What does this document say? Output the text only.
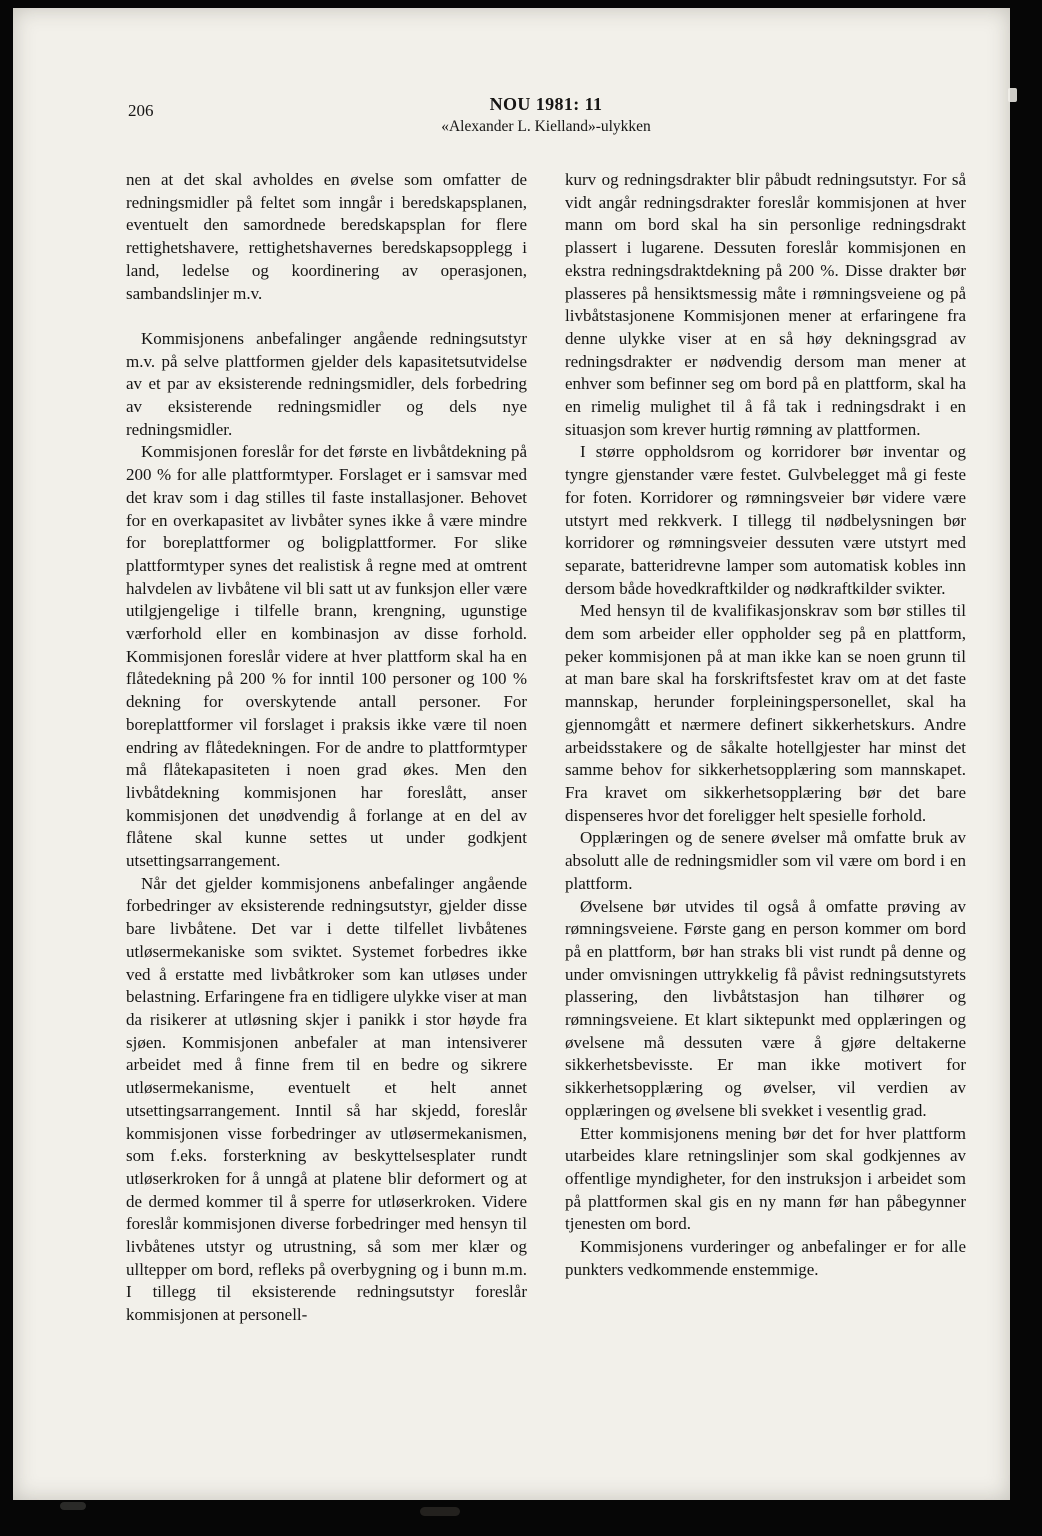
206	NOU 1981: 11
«Alexander L. Kielland»-ulykken

nen at det skal avholdes en øvelse som omfatter de redningsmidler på feltet som inngår i beredskapsplanen, eventuelt den samordnede beredskapsplan for flere rettighetshavere, rettighetshavernes beredskapsopplegg i land, ledelse og koordinering av operasjonen, sambandslinjer m.v.

Kommisjonens anbefalinger angående redningsutstyr m.v. på selve plattformen gjelder dels kapasitetsutvidelse av et par av eksisterende redningsmidler, dels forbedring av eksisterende redningsmidler og dels nye redningsmidler.

Kommisjonen foreslår for det første en livbåtdekning på 200 % for alle plattformtyper. Forslaget er i samsvar med det krav som i dag stilles til faste installasjoner. Behovet for en overkapasitet av livbåter synes ikke å være mindre for boreplattformer og boligplattformer. For slike plattformtyper synes det realistisk å regne med at omtrent halvdelen av livbåtene vil bli satt ut av funksjon eller være utilgjengelige i tilfelle brann, krengning, ugunstige værforhold eller en kombinasjon av disse forhold. Kommisjonen foreslår videre at hver plattform skal ha en flåtedekning på 200 % for inntil 100 personer og 100 % dekning for overskytende antall personer. For boreplattformer vil forslaget i praksis ikke være til noen endring av flåtedekningen. For de andre to plattformtyper må flåtekapasiteten i noen grad økes. Men den livbåtdekning kommisjonen har foreslått, anser kommisjonen det unødvendig å forlange at en del av flåtene skal kunne settes ut under godkjent utsettingsarrangement.

Når det gjelder kommisjonens anbefalinger angående forbedringer av eksisterende redningsutstyr, gjelder disse bare livbåtene. Det var i dette tilfellet livbåtenes utløsermekaniske som sviktet. Systemet forbedres ikke ved å erstatte med livbåtkroker som kan utløses under belastning. Erfaringene fra en tidligere ulykke viser at man da risikerer at utløsning skjer i panikk i stor høyde fra sjøen. Kommisjonen anbefaler at man intensiverer arbeidet med å finne frem til en bedre og sikrere utløsermekanisme, eventuelt et helt annet utsettingsarrangement. Inntil så har skjedd, foreslår kommisjonen visse forbedringer av utløsermekanismen, som f.eks. forsterkning av beskyttelsesplater rundt utløserkroken for å unngå at platene blir deformert og at de dermed kommer til å sperre for utløserkroken. Videre foreslår kommisjonen diverse forbedringer med hensyn til livbåtenes utstyr og utrustning, så som mer klær og ulltepper om bord, refleks på overbygning og i bunn m.m. I tillegg til eksisterende redningsutstyr foreslår kommisjonen at personell-

kurv og redningsdrakter blir påbudt redningsutstyr. For så vidt angår redningsdrakter foreslår kommisjonen at hver mann om bord skal ha sin personlige redningsdrakt plassert i lugarene. Dessuten foreslår kommisjonen en ekstra redningsdraktdekning på 200 %. Disse drakter bør plasseres på hensiktsmessig måte i rømningsveiene og på livbåtstasjonene Kommisjonen mener at erfaringene fra denne ulykke viser at en så høy dekningsgrad av redningsdrakter er nødvendig dersom man mener at enhver som befinner seg om bord på en plattform, skal ha en rimelig mulighet til å få tak i redningsdrakt i en situasjon som krever hurtig rømning av plattformen.

I større oppholdsrom og korridorer bør inventar og tyngre gjenstander være festet. Gulvbelegget må gi feste for foten. Korridorer og rømningsveier bør videre være utstyrt med rekkverk. I tillegg til nødbelysningen bør korridorer og rømningsveier dessuten være utstyrt med separate, batteridrevne lamper som automatisk kobles inn dersom både hovedkraftkilder og nødkraftkilder svikter.

Med hensyn til de kvalifikasjonskrav som bør stilles til dem som arbeider eller oppholder seg på en plattform, peker kommisjonen på at man ikke kan se noen grunn til at man bare skal ha forskriftsfestet krav om at det faste mannskap, herunder forpleiningspersonellet, skal ha gjennomgått et nærmere definert sikkerhetskurs. Andre arbeidsstakere og de såkalte hotellgjester har minst det samme behov for sikkerhetsopplæring som mannskapet. Fra kravet om sikkerhetsopplæring bør det bare dispenseres hvor det foreligger helt spesielle forhold.

Opplæringen og de senere øvelser må omfatte bruk av absolutt alle de redningsmidler som vil være om bord i en plattform.

Øvelsene bør utvides til også å omfatte prøving av rømningsveiene. Første gang en person kommer om bord på en plattform, bør han straks bli vist rundt på denne og under omvisningen uttrykkelig få påvist redningsutstyrets plassering, den livbåtstasjon han tilhører og rømningsveiene. Et klart siktepunkt med opplæringen og øvelsene må dessuten være å gjøre deltakerne sikkerhetsbevisste. Er man ikke motivert for sikkerhetsopplæring og øvelser, vil verdien av opplæringen og øvelsene bli svekket i vesentlig grad.

Etter kommisjonens mening bør det for hver plattform utarbeides klare retningslinjer som skal godkjennes av offentlige myndigheter, for den instruksjon i arbeidet som på plattformen skal gis en ny mann før han påbegynner tjenesten om bord.

Kommisjonens vurderinger og anbefalinger er for alle punkters vedkommende enstemmige.
